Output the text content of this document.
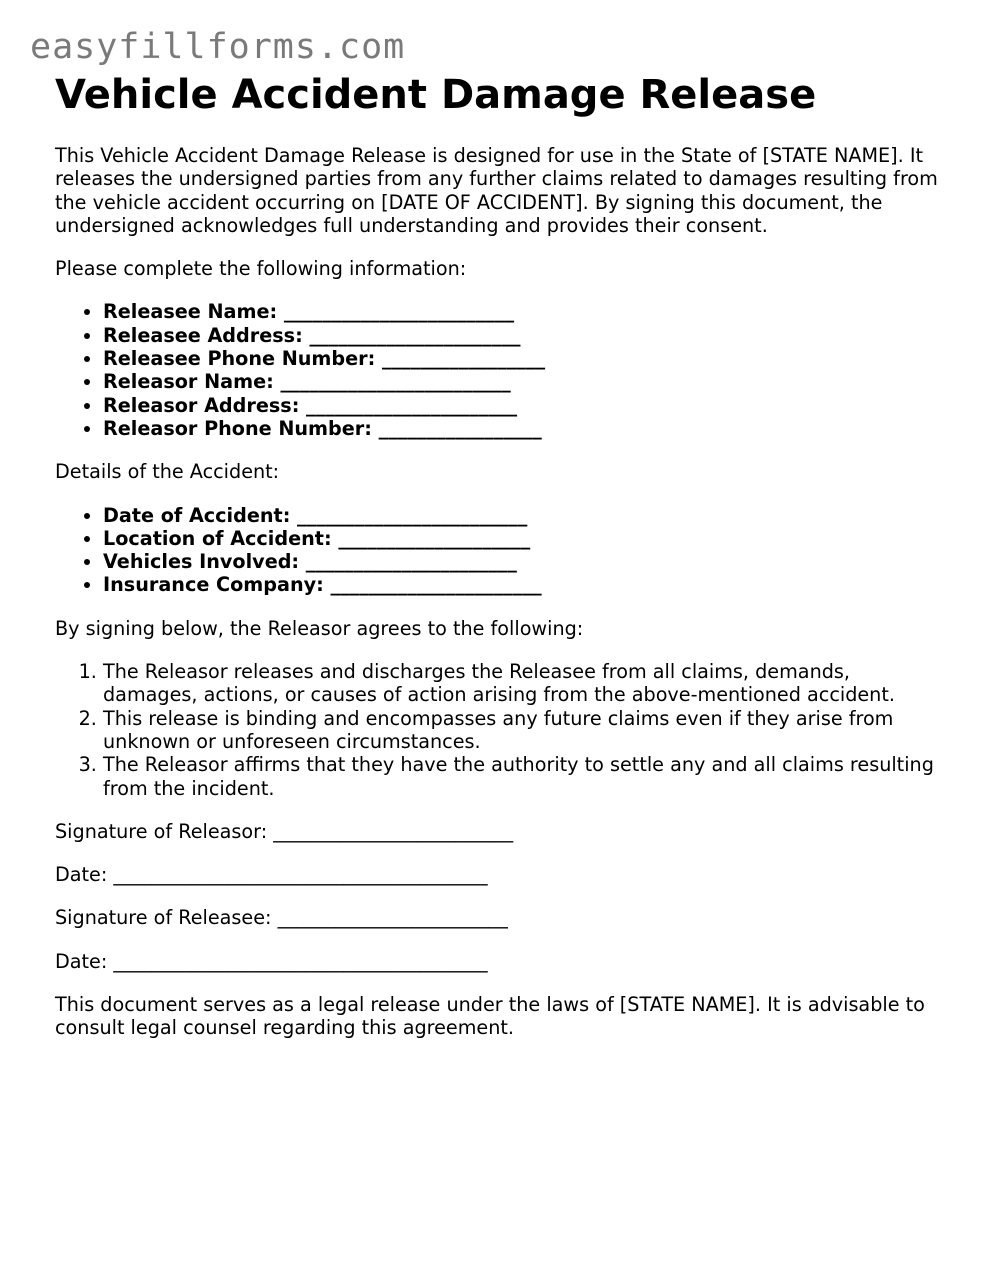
easyfillforms.com
Vehicle Accident Damage Release

This Vehicle Accident Damage Release is designed for use in the State of [STATE NAME]. It releases the undersigned parties from any further claims related to damages resulting from the vehicle accident occurring on [DATE OF ACCIDENT]. By signing this document, the undersigned acknowledges full understanding and provides their consent.

Please complete the following information:

• Releasee Name: ________________________
• Releasee Address: ______________________
• Releasee Phone Number: _________________
• Releasor Name: ________________________
• Releasor Address: ______________________
• Releasor Phone Number: _________________

Details of the Accident:

• Date of Accident: ________________________
• Location of Accident: ____________________
• Vehicles Involved: ______________________
• Insurance Company: ______________________

By signing below, the Releasor agrees to the following:

1. The Releasor releases and discharges the Releasee from all claims, demands, damages, actions, or causes of action arising from the above-mentioned accident.
2. This release is binding and encompasses any future claims even if they arise from unknown or unforeseen circumstances.
3. The Releasor affirms that they have the authority to settle any and all claims resulting from the incident.

Signature of Releasor: _________________________

Date: _______________________________________

Signature of Releasee: ________________________

Date: _______________________________________

This document serves as a legal release under the laws of [STATE NAME]. It is advisable to consult legal counsel regarding this agreement.
